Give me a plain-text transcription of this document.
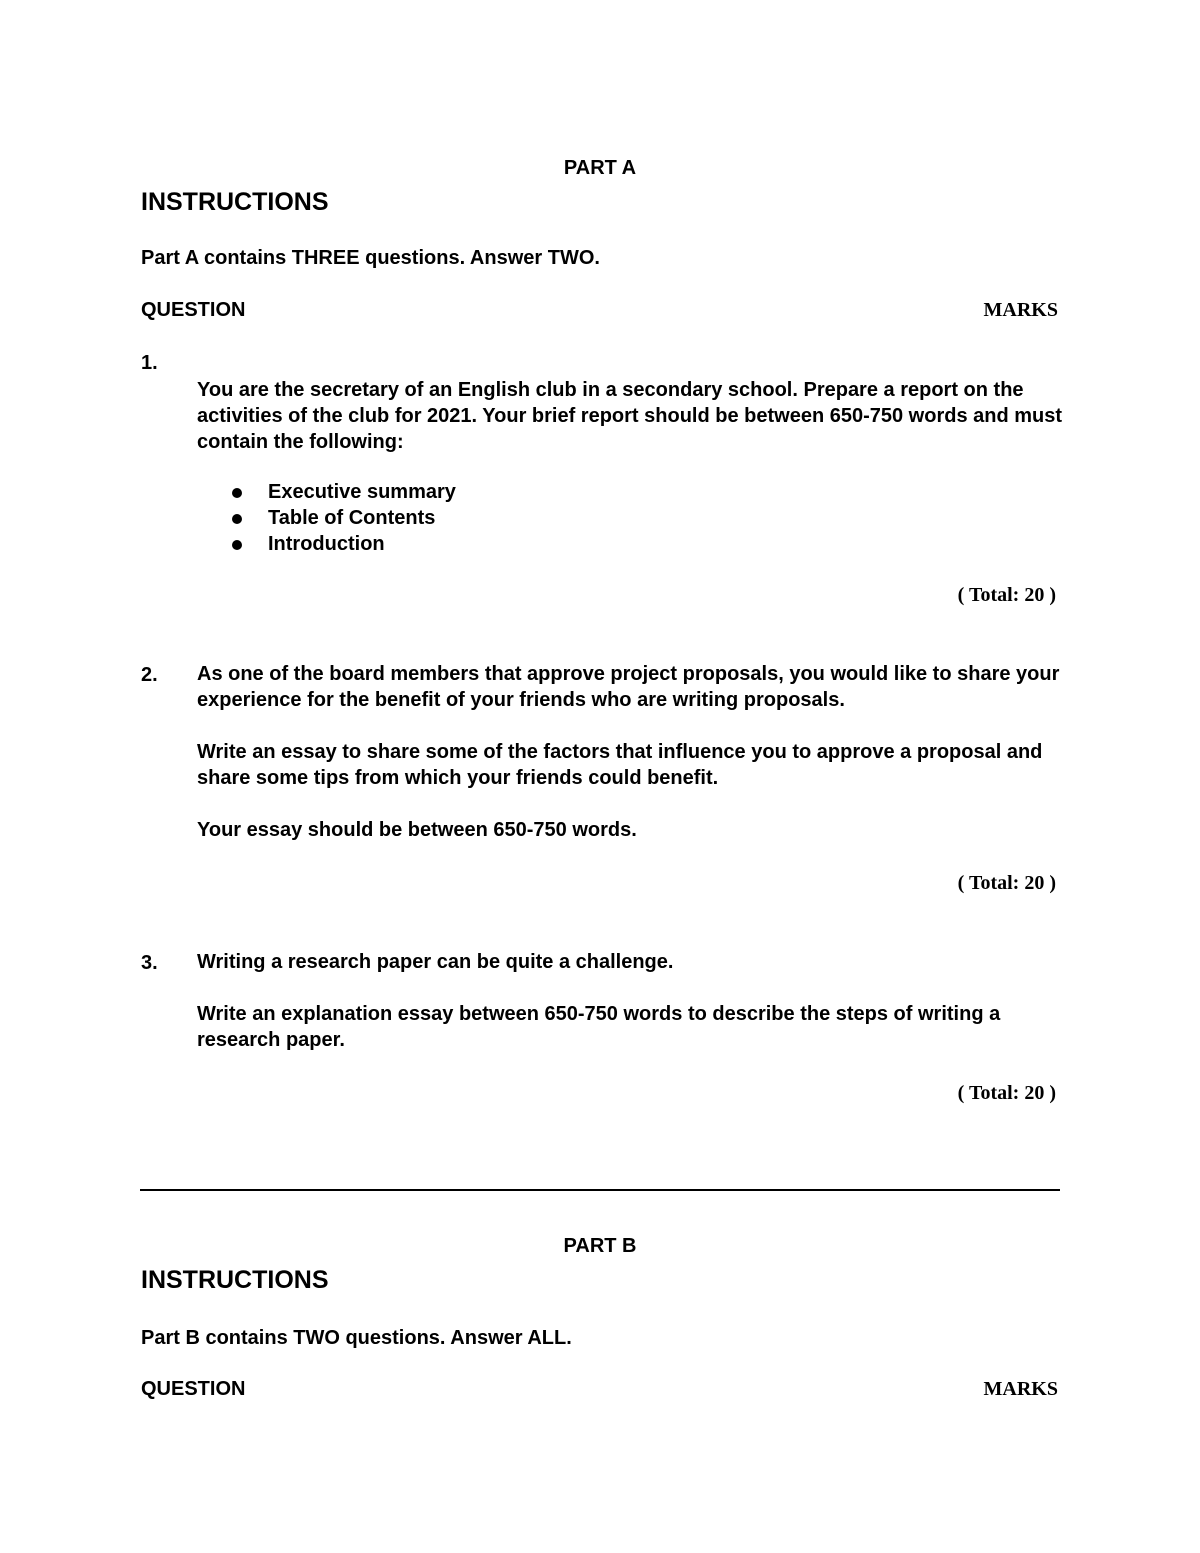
PART A
INSTRUCTIONS
Part A contains THREE questions. Answer TWO.
QUESTION	MARKS
1.

You are the secretary of an English club in a secondary school. Prepare a report on the activities of the club for 2021. Your brief report should be between 650-750 words and must contain the following:

Executive summary
Table of Contents
Introduction
( Total: 20 )
2. As one of the board members that approve project proposals, you would like to share your experience for the benefit of your friends who are writing proposals.

Write an essay to share some of the factors that influence you to approve a proposal and share some tips from which your friends could benefit.

Your essay should be between 650-750 words.

( Total: 20 )
3. Writing a research paper can be quite a challenge.

Write an explanation essay between 650-750 words to describe the steps of writing a research paper.

( Total: 20 )
PART B
INSTRUCTIONS
Part B contains TWO questions. Answer ALL.
QUESTION	MARKS
